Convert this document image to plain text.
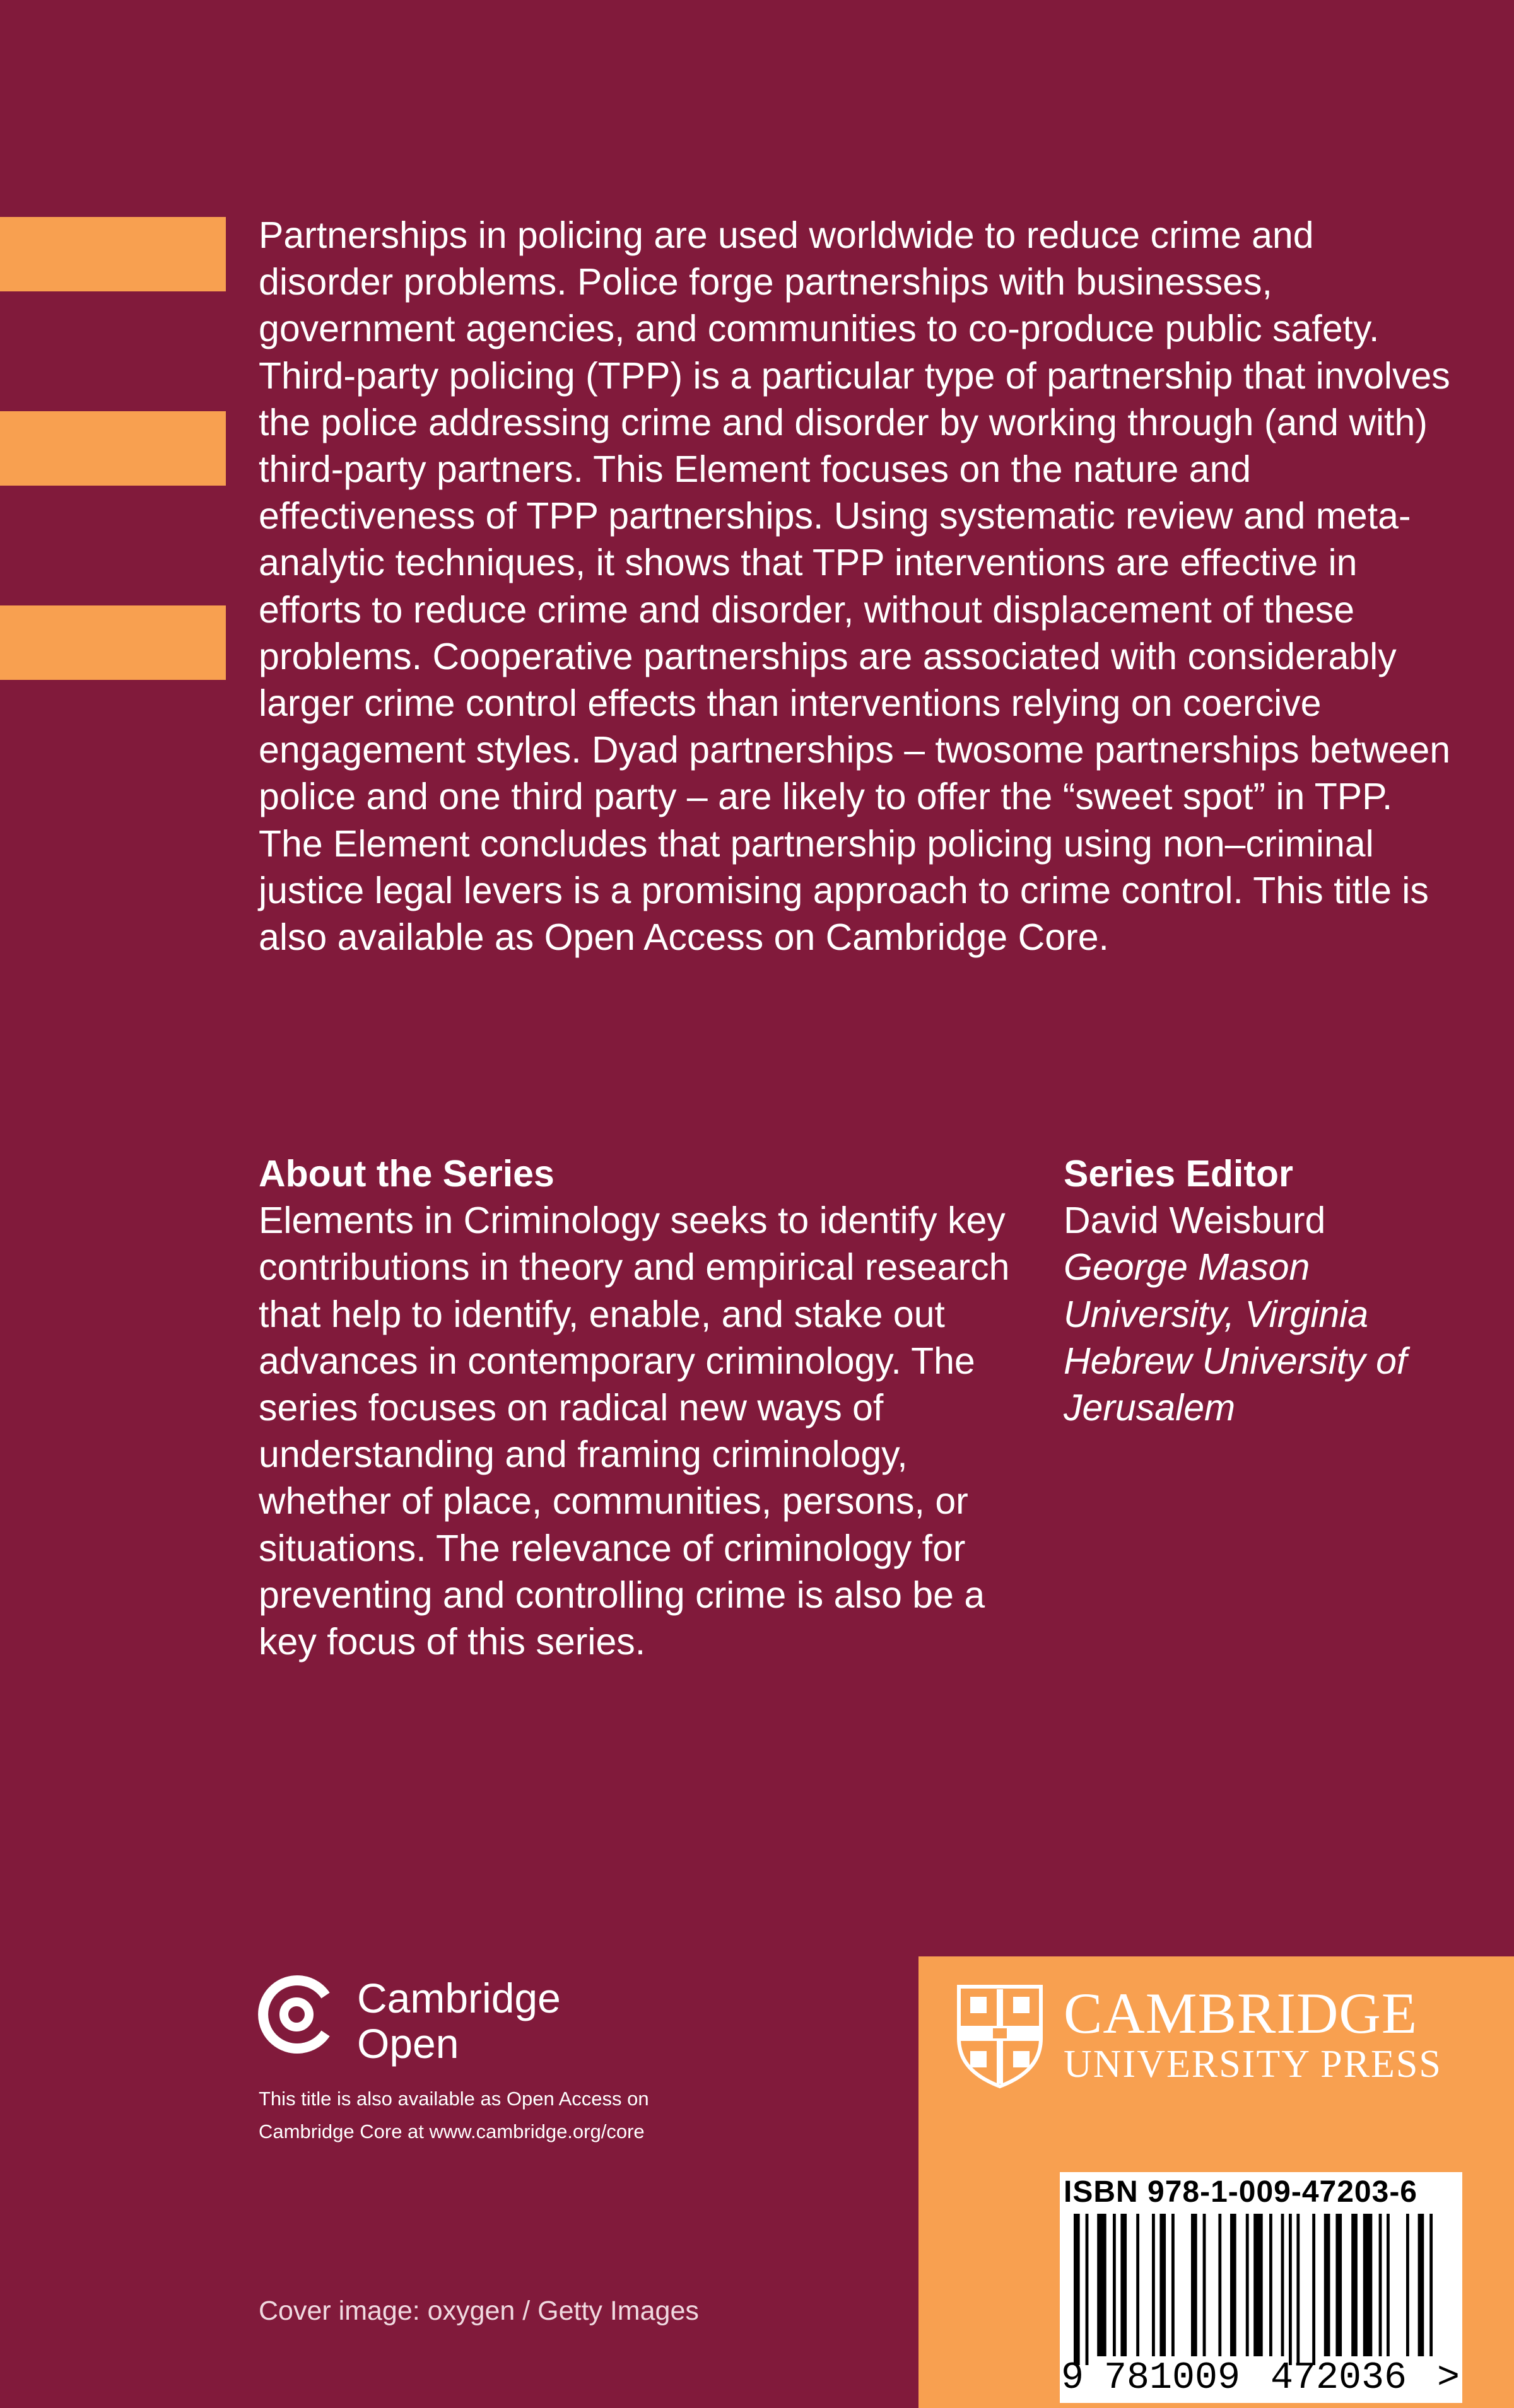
Partnerships in policing are used worldwide to reduce crime and disorder problems. Police forge partnerships with businesses, government agencies, and communities to co-produce public safety. Third-party policing (TPP) is a particular type of partnership that involves the police addressing crime and disorder by working through (and with) third-party partners. This Element focuses on the nature and effectiveness of TPP partnerships. Using systematic review and meta-analytic techniques, it shows that TPP interventions are effective in efforts to reduce crime and disorder, without displacement of these problems. Cooperative partnerships are associated with considerably larger crime control effects than interventions relying on coercive engagement styles. Dyad partnerships – twosome partnerships between police and one third party – are likely to offer the “sweet spot” in TPP. The Element concludes that partnership policing using non–criminal justice legal levers is a promising approach to crime control. This title is also available as Open Access on Cambridge Core.

About the Series
Elements in Criminology seeks to identify key contributions in theory and empirical research that help to identify, enable, and stake out advances in contemporary criminology. The series focuses on radical new ways of understanding and framing criminology, whether of place, communities, persons, or situations. The relevance of criminology for preventing and controlling crime is also be a key focus of this series.
Series Editor
David Weisburd
George Mason University, Virginia
Hebrew University of Jerusalem
Cambridge
Open
This title is also available as Open Access on
Cambridge Core at www.cambridge.org/core
Cover image: oxygen / Getty Images
CAMBRIDGE
UNIVERSITY PRESS
ISBN 978-1-009-47203-6
9 781009 472036 >
